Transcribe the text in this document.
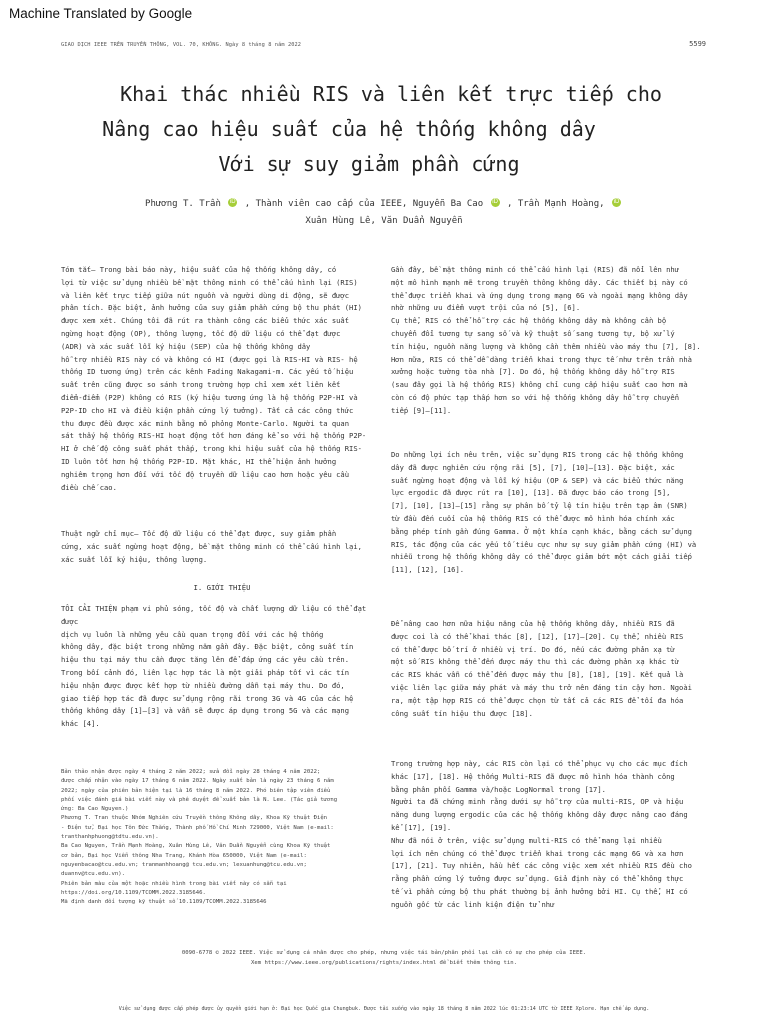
Machine Translated by Google
GIAO DỊCH IEEE TRÊN TRUYỀN THÔNG, VOL. 70, KHÔNG. Ngày 8 tháng 8 năm 2022	5599
Khai thác nhiều RIS và liên kết trực tiếp cho
Nâng cao hiệu suất của hệ thống không dây
Với sự suy giảm phần cứng
Phương T. Trần iD , Thành viên cao cấp của IEEE, Nguyễn Ba Cao iD , Trần Mạnh Hoàng, iD
Xuân Hùng Lê, Văn Duẩn Nguyễn

Tóm tắt— Trong bài báo này, hiệu suất của hệ thống không dây, có
lợi từ việc sử dụng nhiều bề mặt thông minh có thể cấu hình lại (RIS)
và liên kết trực tiếp giữa nút nguồn và người dùng di động, sẽ được
phân tích. Đặc biệt, ảnh hưởng của suy giảm phần cứng bộ thu phát (HI)
được xem xét. Chúng tôi đã rút ra thành công các biểu thức xác suất
ngừng hoạt động (OP), thông lượng, tốc độ dữ liệu có thể đạt được
(ADR) và xác suất lỗi ký hiệu (SEP) của hệ thống không dây
hỗ trợ nhiều RIS này có và không có HI (được gọi là RIS-HI và RIS- hệ
thống ID tương ứng) trên các kênh Fading Nakagami-m. Các yếu tố hiệu
suất trên cũng được so sánh trong trường hợp chỉ xem xét liên kết
điểm-điểm (P2P) không có RIS (ký hiệu tương ứng là hệ thống P2P-HI và
P2P-ID cho HI và điều kiện phần cứng lý tưởng). Tất cả các công thức
thu được đều được xác minh bằng mô phỏng Monte-Carlo. Người ta quan
sát thấy hệ thống RIS-HI hoạt động tốt hơn đáng kể so với hệ thống P2P-
HI ở chế độ công suất phát thấp, trong khi hiệu suất của hệ thống RIS-
ID luôn tốt hơn hệ thống P2P-ID. Mặt khác, HI thể hiện ảnh hưởng
nghiêm trọng hơn đối với tốc độ truyền dữ liệu cao hơn hoặc yêu cầu
điều chế cao.

Thuật ngữ chỉ mục— Tốc độ dữ liệu có thể đạt được, suy giảm phần
cứng, xác suất ngừng hoạt động, bề mặt thông minh có thể cấu hình lại,
xác suất lỗi ký hiệu, thông lượng.

I. GIỚI THIỆU

TÔI CẢI THIỆN phạm vi phủ sóng, tốc độ và chất lượng dữ liệu có thể đạt được
dịch vụ luôn là những yêu cầu quan trọng đối với các hệ thống
không dây, đặc biệt trong những năm gần đây. Đặc biệt, công suất tín
hiệu thu tại máy thu cần được tăng lên để đáp ứng các yêu cầu trên.
Trong bối cảnh đó, liên lạc hợp tác là một giải pháp tốt vì các tín
hiệu nhận được được kết hợp từ nhiều đường dẫn tại máy thu. Do đó,
giao tiếp hợp tác đã được sử dụng rộng rãi trong 3G và 4G của các hệ
thống không dây [1]–[3] và vẫn sẽ được áp dụng trong 5G và các mạng
khác [4].

Bản thảo nhận được ngày 4 tháng 2 năm 2022; sửa đổi ngày 28 tháng 4 năm 2022;
được chấp nhận vào ngày 17 tháng 6 năm 2022. Ngày xuất bản là ngày 23 tháng 6 năm
2022; ngày của phiên bản hiện tại là 16 tháng 8 năm 2022. Phó biên tập viên điều
phối việc đánh giá bài viết này và phê duyệt để xuất bản là N. Lee. (Tác giả tương
ứng: Ba Cao Nguyen.)
Phương T. Tran thuộc Nhóm Nghiên cứu Truyền thông Không dây, Khoa Kỹ thuật Điện
- Điện tử, Đại học Tôn Đức Thắng, Thành phố Hồ Chí Minh 729000, Việt Nam (e-mail:
tranthanhphuong@tdtu.edu.vn).
Ba Cao Nguyen, Trần Mạnh Hoàng, Xuân Hùng Lê, Văn Duẩn Nguyễn cùng Khoa Kỹ thuật
cơ bản, Đại học Viễn thông Nha Trang, Khánh Hòa 650000, Việt Nam (e-mail:
nguyenbacao@tcu.edu.vn; tranmanhhoang@ tcu.edu.vn; lexuanhung@tcu.edu.vn;
duannv@tcu.edu.vn).
Phiên bản màu của một hoặc nhiều hình trong bài viết này có sẵn tại
https://doi.org/10.1109/TCOMM.2022.3185646.
Mã định danh đối tượng kỹ thuật số 10.1109/TCOMM.2022.3185646

Gần đây, bề mặt thông minh có thể cấu hình lại (RIS) đã nổi lên như
một mô hình mạnh mẽ trong truyền thông không dây. Các thiết bị này có
thể được triển khai và ứng dụng trong mạng 6G và ngoài mạng không dây
nhờ những ưu điểm vượt trội của nó [5], [6].
Cụ thể, RIS có thể hỗ trợ các hệ thống không dây mà không cần bộ
chuyển đổi tương tự sang số và kỹ thuật số sang tương tự, bộ xử lý
tín hiệu, nguồn năng lượng và không cần thêm nhiều vào máy thu [7], [8].
Hơn nữa, RIS có thể dễ dàng triển khai trong thực tế như trên trần nhà
xưởng hoặc tường tòa nhà [7]. Do đó, hệ thống không dây hỗ trợ RIS
(sau đây gọi là hệ thống RIS) không chỉ cung cấp hiệu suất cao hơn mà
còn có độ phức tạp thấp hơn so với hệ thống không dây hỗ trợ chuyển
tiếp [9]–[11].

Do những lợi ích nêu trên, việc sử dụng RIS trong các hệ thống không
dây đã được nghiên cứu rộng rãi [5], [7], [10]–[13]. Đặc biệt, xác
suất ngừng hoạt động và lỗi ký hiệu (OP & SEP) và các biểu thức năng
lực ergodic đã được rút ra [10], [13]. Đã được báo cáo trong [5],
[7], [10], [13]–[15] rằng sự phân bố tỷ lệ tín hiệu trên tạp âm (SNR)
từ đầu đến cuối của hệ thống RIS có thể được mô hình hóa chính xác
bằng phép tính gần đúng Gamma. Ở một khía cạnh khác, bằng cách sử dụng
RIS, tác động của các yếu tố tiêu cực như sự suy giảm phần cứng (HI) và
nhiễu trong hệ thống không dây có thể được giảm bớt một cách giải tiếp
[11], [12], [16].

Để nâng cao hơn nữa hiệu năng của hệ thống không dây, nhiều RIS đã
được coi là có thể khai thác [8], [12], [17]–[20]. Cụ thể, nhiều RIS
có thể được bố trí ở nhiều vị trí. Do đó, nếu các đường phản xạ từ
một số RIS không thể đến được máy thu thì các đường phản xạ khác từ
các RIS khác vẫn có thể đến được máy thu [8], [18], [19]. Kết quả là
việc liên lạc giữa máy phát và máy thu trở nên đáng tin cậy hơn. Ngoài
ra, một tập hợp RIS có thể được chọn từ tất cả các RIS để tối đa hóa
công suất tín hiệu thu được [18].

Trong trường hợp này, các RIS còn lại có thể phục vụ cho các mục đích
khác [17], [18]. Hệ thống Multi-RIS đã được mô hình hóa thành công
bằng phân phối Gamma và/hoặc LogNormal trong [17].
Người ta đã chứng minh rằng dưới sự hỗ trợ của multi-RIS, OP và hiệu
năng dung lượng ergodic của các hệ thống không dây được nâng cao đáng
kể [17], [19].
Như đã nói ở trên, việc sử dụng multi-RIS có thể mang lại nhiều
lợi ích nên chúng có thể được triển khai trong các mạng 6G và xa hơn
[17], [21]. Tuy nhiên, hầu hết các công việc xem xét nhiều RIS đều cho
rằng phần cứng lý tưởng được sử dụng. Giả định này có thể không thực
tế vì phần cứng bộ thu phát thường bị ảnh hưởng bởi HI. Cụ thể, HI có
nguồn gốc từ các linh kiện điện tử như

0090-6778 © 2022 IEEE. Việc sử dụng cá nhân được cho phép, nhưng việc tái bản/phân phối lại cần có sự cho phép của IEEE.
Xem https://www.ieee.org/publications/rights/index.html để biết thêm thông tin.
Việc sử dụng được cấp phép được ủy quyền giới hạn ở: Đại học Quốc gia Chungbuk. Được tải xuống vào ngày 18 tháng 8 năm 2022 lúc 01:23:14 UTC từ IEEE Xplore. Hạn chế áp dụng.
